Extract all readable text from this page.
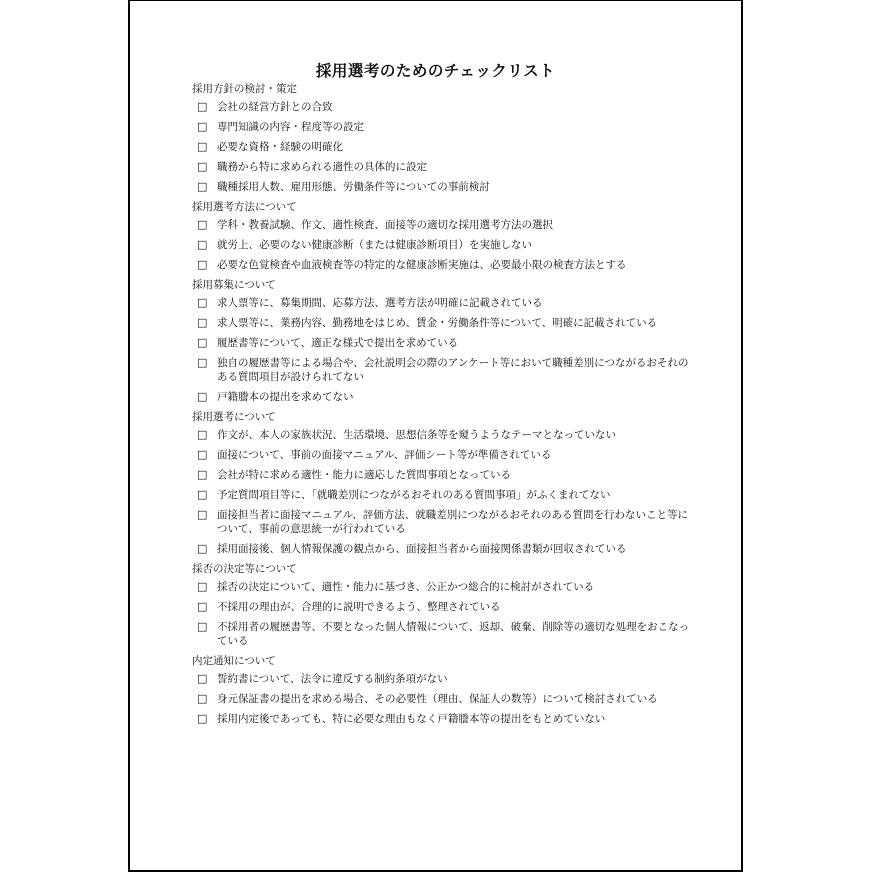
採用選考のためのチェックリスト
採用方針の検討・策定
□ 会社の経営方針との合致
□ 専門知識の内容・程度等の設定
□ 必要な資格・経験の明確化
□ 職務から特に求められる適性の具体的に設定
□ 職種採用人数、雇用形態、労働条件等についての事前検討
採用選考方法について
□ 学科・教養試験、作文、適性検査、面接等の適切な採用選考方法の選択
□ 就労上、必要のない健康診断（または健康診断項目）を実施しない
□ 必要な色覚検査や血液検査等の特定的な健康診断実施は、必要最小限の検査方法とする
採用募集について
□ 求人票等に、募集期間、応募方法、選考方法が明確に記載されている
□ 求人票等に、業務内容、勤務地をはじめ、賃金・労働条件等について、明確に記載されている
□ 履歴書等について、適正な様式で提出を求めている
□ 独自の履歴書等による場合や、会社説明会の際のアンケート等において職種差別につながるおそれのある質問項目が設けられてない
□ 戸籍謄本の提出を求めてない
採用選考について
□ 作文が、本人の家族状況、生活環境、思想信条等を窺うようなテーマとなっていない
□ 面接について、事前の面接マニュアル、評価シート等が準備されている
□ 会社が特に求める適性・能力に適応した質問事項となっている
□ 予定質問項目等に、「就職差別につながるおそれのある質問事項」がふくまれてない
□ 面接担当者に面接マニュアル、評価方法、就職差別につながるおそれのある質問を行わないこと等について、事前の意思統一が行われている
□ 採用面接後、個人情報保護の観点から、面接担当者から面接関係書類が回収されている
採否の決定等について
□ 採否の決定について、適性・能力に基づき、公正かつ総合的に検討がされている
□ 不採用の理由が、合理的に説明できるよう、整理されている
□ 不採用者の履歴書等、不要となった個人情報について、返却、破棄、削除等の適切な処理をおこなっている
内定通知について
□ 誓約書について、法令に違反する制約条項がない
□ 身元保証書の提出を求める場合、その必要性（理由、保証人の数等）について検討されている
□ 採用内定後であっても、特に必要な理由もなく戸籍謄本等の提出をもとめていない
